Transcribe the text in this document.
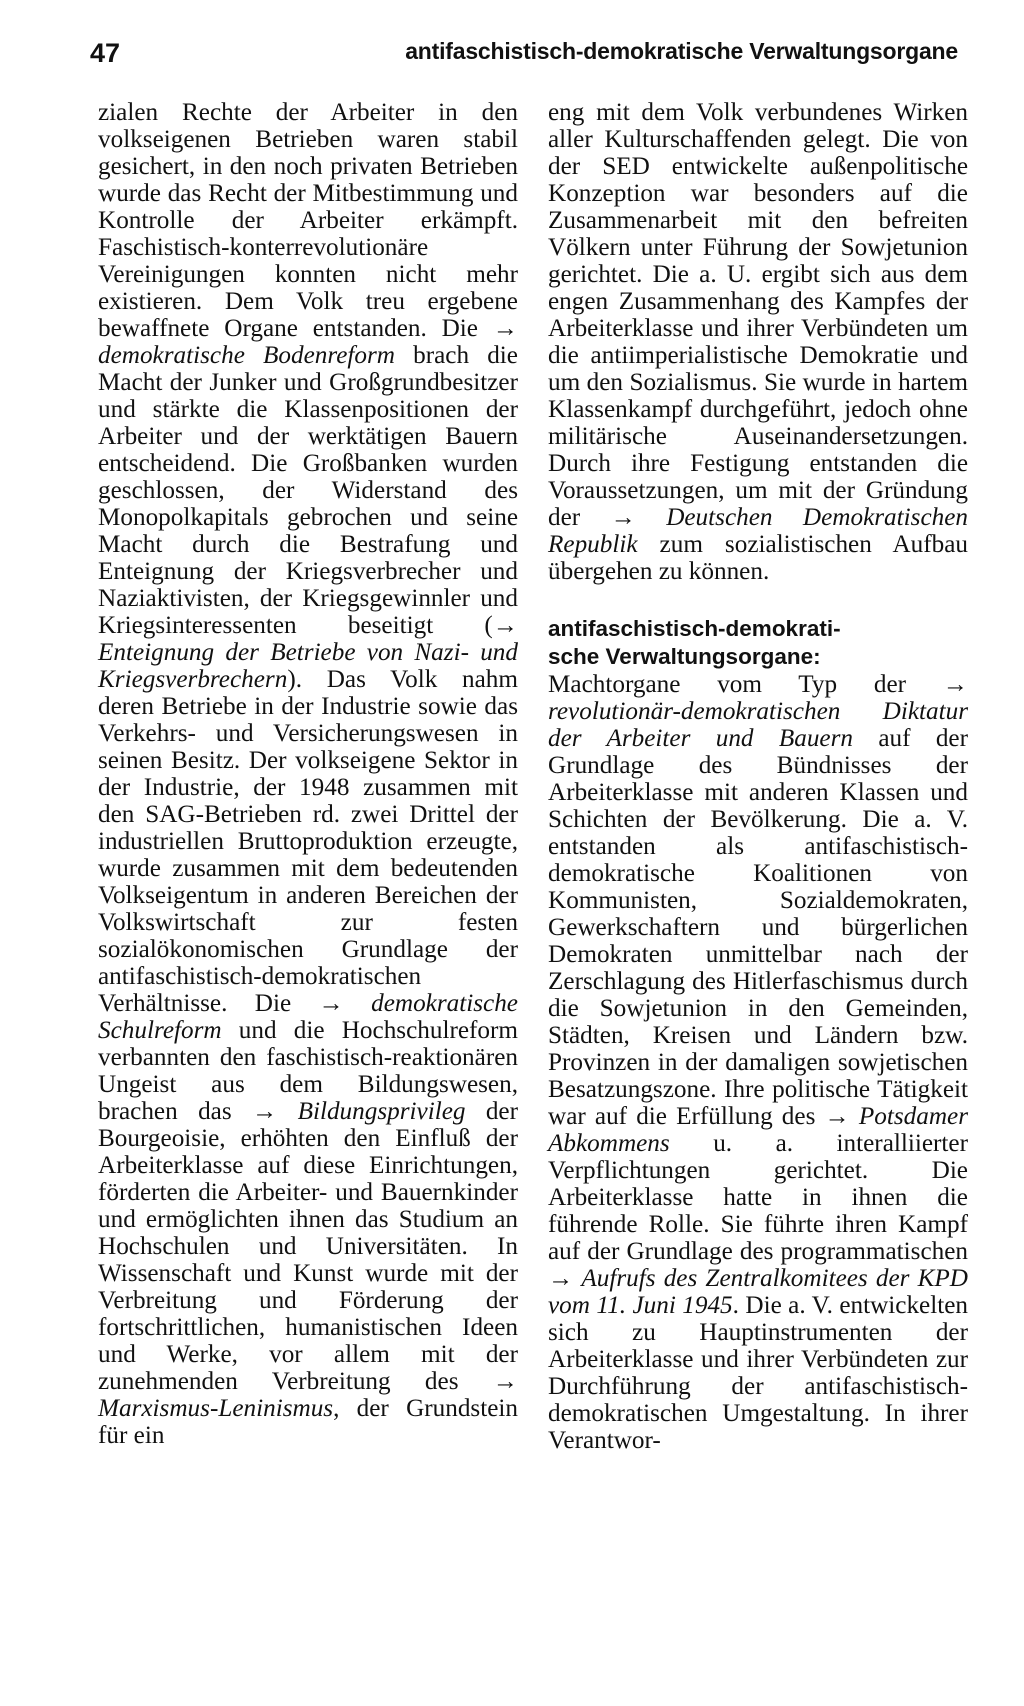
47	antifaschistisch-demokratische Verwaltungsorgane

zialen Rechte der Arbeiter in den volkseigenen Betrieben waren stabil gesichert, in den noch privaten Betrieben wurde das Recht der Mitbestimmung und Kontrolle der Arbeiter erkämpft. Faschistisch-konterrevolutionäre Vereinigungen konnten nicht mehr existieren. Dem Volk treu ergebene bewaffnete Organe entstanden. Die → demokratische Bodenreform brach die Macht der Junker und Großgrundbesitzer und stärkte die Klassenpositionen der Arbeiter und der werktätigen Bauern entscheidend. Die Großbanken wurden geschlossen, der Widerstand des Monopolkapitals gebrochen und seine Macht durch die Bestrafung und Enteignung der Kriegsverbrecher und Naziaktivisten, der Kriegsgewinnler und Kriegsinteressenten beseitigt (→ Enteignung der Betriebe von Nazi- und Kriegsverbrechern). Das Volk nahm deren Betriebe in der Industrie sowie das Verkehrs- und Versicherungswesen in seinen Besitz. Der volkseigene Sektor in der Industrie, der 1948 zusammen mit den SAG-Betrieben rd. zwei Drittel der industriellen Bruttoproduktion erzeugte, wurde zusammen mit dem bedeutenden Volkseigentum in anderen Bereichen der Volkswirtschaft zur festen sozialökonomischen Grundlage der antifaschistisch-demokratischen Verhältnisse. Die → demokratische Schulreform und die Hochschulreform verbannten den faschistisch-reaktionären Ungeist aus dem Bildungswesen, brachen das → Bildungsprivileg der Bourgeoisie, erhöhten den Einfluß der Arbeiterklasse auf diese Einrichtungen, förderten die Arbeiter- und Bauernkinder und ermöglichten ihnen das Studium an Hochschulen und Universitäten. In Wissenschaft und Kunst wurde mit der Verbreitung und Förderung der fortschrittlichen, humanistischen Ideen und Werke, vor allem mit der zunehmenden Verbreitung des → Marxismus-Leninismus, der Grundstein für ein

eng mit dem Volk verbundenes Wirken aller Kulturschaffenden gelegt. Die von der SED entwickelte außenpolitische Konzeption war besonders auf die Zusammenarbeit mit den befreiten Völkern unter Führung der Sowjetunion gerichtet. Die a. U. ergibt sich aus dem engen Zusammenhang des Kampfes der Arbeiterklasse und ihrer Verbündeten um die antiimperialistische Demokratie und um den Sozialismus. Sie wurde in hartem Klassenkampf durchgeführt, jedoch ohne militärische Auseinandersetzungen. Durch ihre Festigung entstanden die Voraussetzungen, um mit der Gründung der → Deutschen Demokratischen Republik zum sozialistischen Aufbau übergehen zu können.

antifaschistisch-demokrati-
sche Verwaltungsorgane:

Machtorgane vom Typ der → revolutionär-demokratischen Diktatur der Arbeiter und Bauern auf der Grundlage des Bündnisses der Arbeiterklasse mit anderen Klassen und Schichten der Bevölkerung. Die a. V. entstanden als antifaschistisch-demokratische Koalitionen von Kommunisten, Sozialdemokraten, Gewerkschaftern und bürgerlichen Demokraten unmittelbar nach der Zerschlagung des Hitlerfaschismus durch die Sowjetunion in den Gemeinden, Städten, Kreisen und Ländern bzw. Provinzen in der damaligen sowjetischen Besatzungszone. Ihre politische Tätigkeit war auf die Erfüllung des → Potsdamer Abkommens u. a. interalliierter Verpflichtungen gerichtet. Die Arbeiterklasse hatte in ihnen die führende Rolle. Sie führte ihren Kampf auf der Grundlage des programmatischen → Aufrufs des Zentralkomitees der KPD vom 11. Juni 1945. Die a. V. entwickelten sich zu Hauptinstrumenten der Arbeiterklasse und ihrer Verbündeten zur Durchführung der antifaschistisch-demokratischen Umgestaltung. In ihrer Verantwor-
